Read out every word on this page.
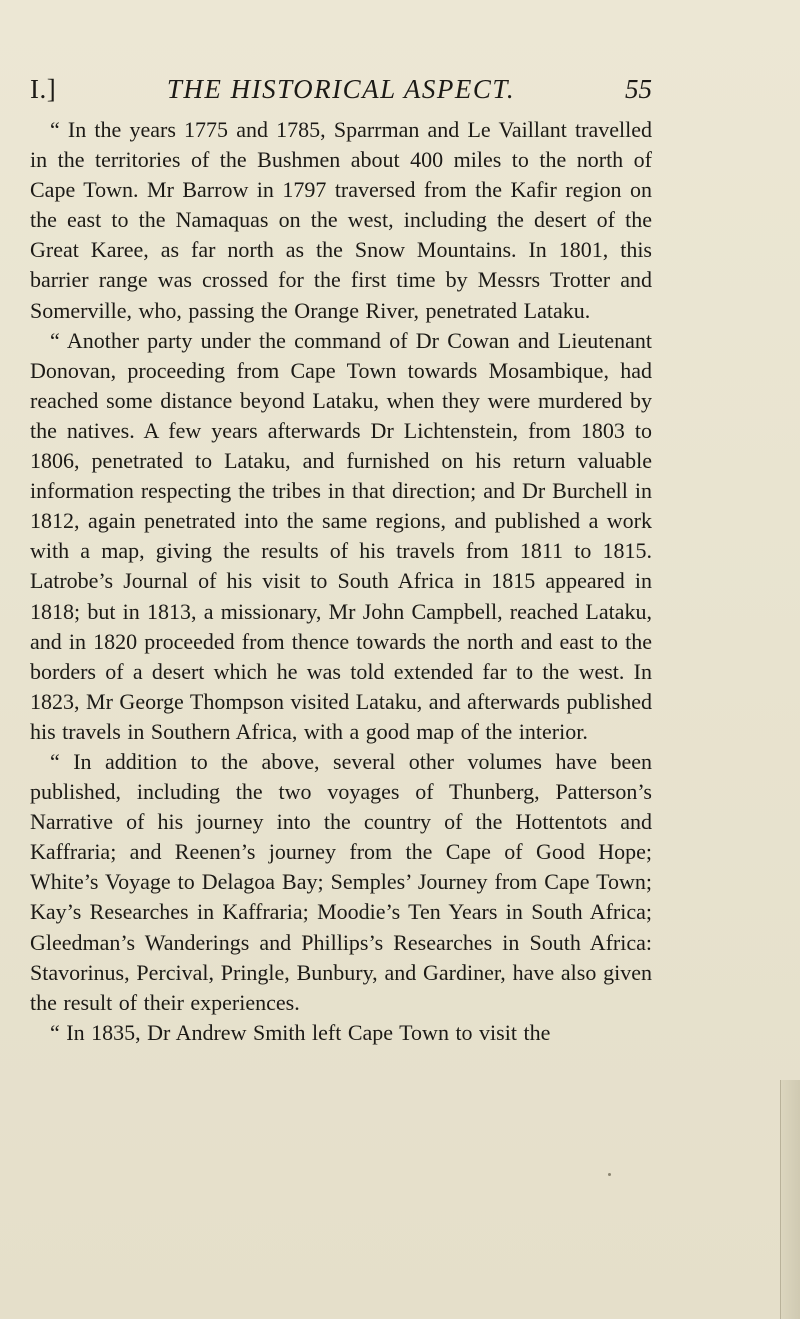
I.]	THE HISTORICAL ASPECT.	55

“ In the years 1775 and 1785, Sparrman and Le Vaillant travelled in the territories of the Bushmen about 400 miles to the north of Cape Town. Mr Barrow in 1797 traversed from the Kafir region on the east to the Namaquas on the west, including the desert of the Great Karee, as far north as the Snow Mountains. In 1801, this barrier range was crossed for the first time by Messrs Trotter and Somerville, who, passing the Orange River, penetrated Lataku.

“ Another party under the command of Dr Cowan and Lieutenant Donovan, proceeding from Cape Town towards Mosambique, had reached some distance beyond Lataku, when they were murdered by the natives. A few years afterwards Dr Lichtenstein, from 1803 to 1806, penetrated to Lataku, and furnished on his return valuable information respecting the tribes in that direction; and Dr Burchell in 1812, again penetrated into the same regions, and published a work with a map, giving the results of his travels from 1811 to 1815. Latrobe’s Journal of his visit to South Africa in 1815 appeared in 1818; but in 1813, a missionary, Mr John Campbell, reached Lataku, and in 1820 proceeded from thence towards the north and east to the borders of a desert which he was told extended far to the west. In 1823, Mr George Thompson visited Lataku, and afterwards published his travels in Southern Africa, with a good map of the interior.

“ In addition to the above, several other volumes have been published, including the two voyages of Thunberg, Patterson’s Narrative of his journey into the country of the Hottentots and Kaffraria; and Reenen’s journey from the Cape of Good Hope; White’s Voyage to Delagoa Bay; Semples’ Journey from Cape Town; Kay’s Researches in Kaffraria; Moodie’s Ten Years in South Africa; Gleedman’s Wanderings and Phillips’s Researches in South Africa: Stavorinus, Percival, Pringle, Bunbury, and Gardiner, have also given the result of their experiences.

“ In 1835, Dr Andrew Smith left Cape Town to visit the
